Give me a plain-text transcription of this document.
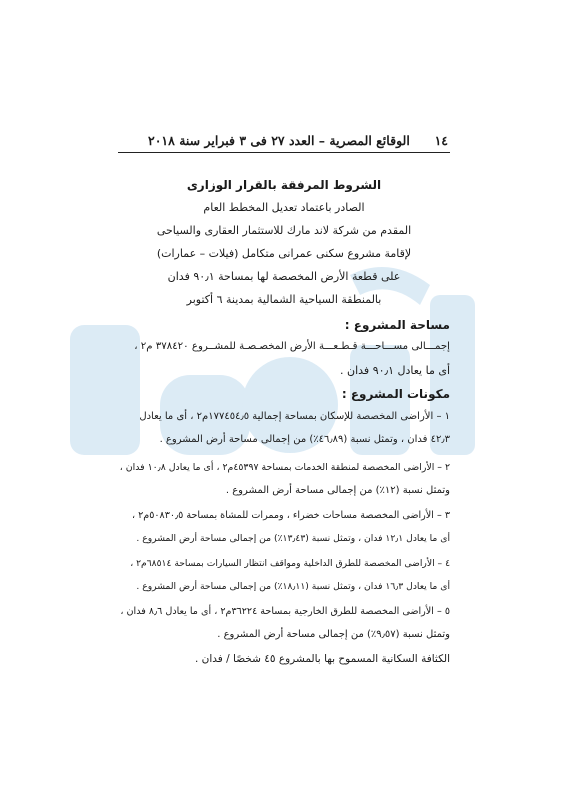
١٤
الوقائع المصرية – العدد ٢٧ فى ٣ فبراير سنة ٢٠١٨
الشروط المرفقة بالقرار الوزارى
الصادر باعتماد تعديل المخطط العام
المقدم من شركة لاند مارك للاستثمار العقارى والسياحى
لإقامة مشروع سكنى عمرانى متكامل (فيلات – عمارات)
على قطعة الأرض المخصصة لها بمساحة ٩٠٫١ فدان
بالمنطقة السياحية الشمالية بمدينة ٦ أكتوبر
مساحة المشروع :
إجمـــالى مســـاحـــة قـطـعـــة الأرض المخصـصـة للمشــروع ٣٧٨٤٢٠ م٢ ،
أى ما يعادل ٩٠٫١ فدان .
مكونات المشروع :
١ – الأراضى المخصصة للإسكان بمساحة إجمالية ١٧٧٤٥٤٫٥م٢ ، أى ما يعادل
٤٢٫٣ فدان ، وتمثل نسبة (٤٦٫٨٩٪) من إجمالى مساحة أرض المشروع .
٢ – الأراضى المخصصة لمنطقة الخدمات بمساحة ٤٥٣٩٧م٢ ، أى ما يعادل ١٠٫٨ فدان ،
وتمثل نسبة (١٢٪) من إجمالى مساحة أرض المشروع .
٣ – الأراضى المخصصة مساحات خضراء ، وممرات للمشاة بمساحة ٥٠٨٣٠٫٥م٢ ،
أى ما يعادل ١٢٫١ فدان ، وتمثل نسبة (١٣٫٤٣٪) من إجمالى مساحة أرض المشروع .
٤ – الأراضى المخصصة للطرق الداخلية ومواقف انتظار السيارات بمساحة ٦٨٥١٤م٢ ،
أى ما يعادل ١٦٫٣ فدان ، وتمثل نسبة (١٨٫١١٪) من إجمالى مساحة أرض المشروع .
٥ – الأراضى المخصصة للطرق الخارجية بمساحة ٣٦٢٢٤م٢ ، أى ما يعادل ٨٫٦ فدان ،
وتمثل نسبة (٩٫٥٧٪) من إجمالى مساحة أرض المشروع .
الكثافة السكانية المسموح بها بالمشروع ٤٥ شخصًا / فدان .
